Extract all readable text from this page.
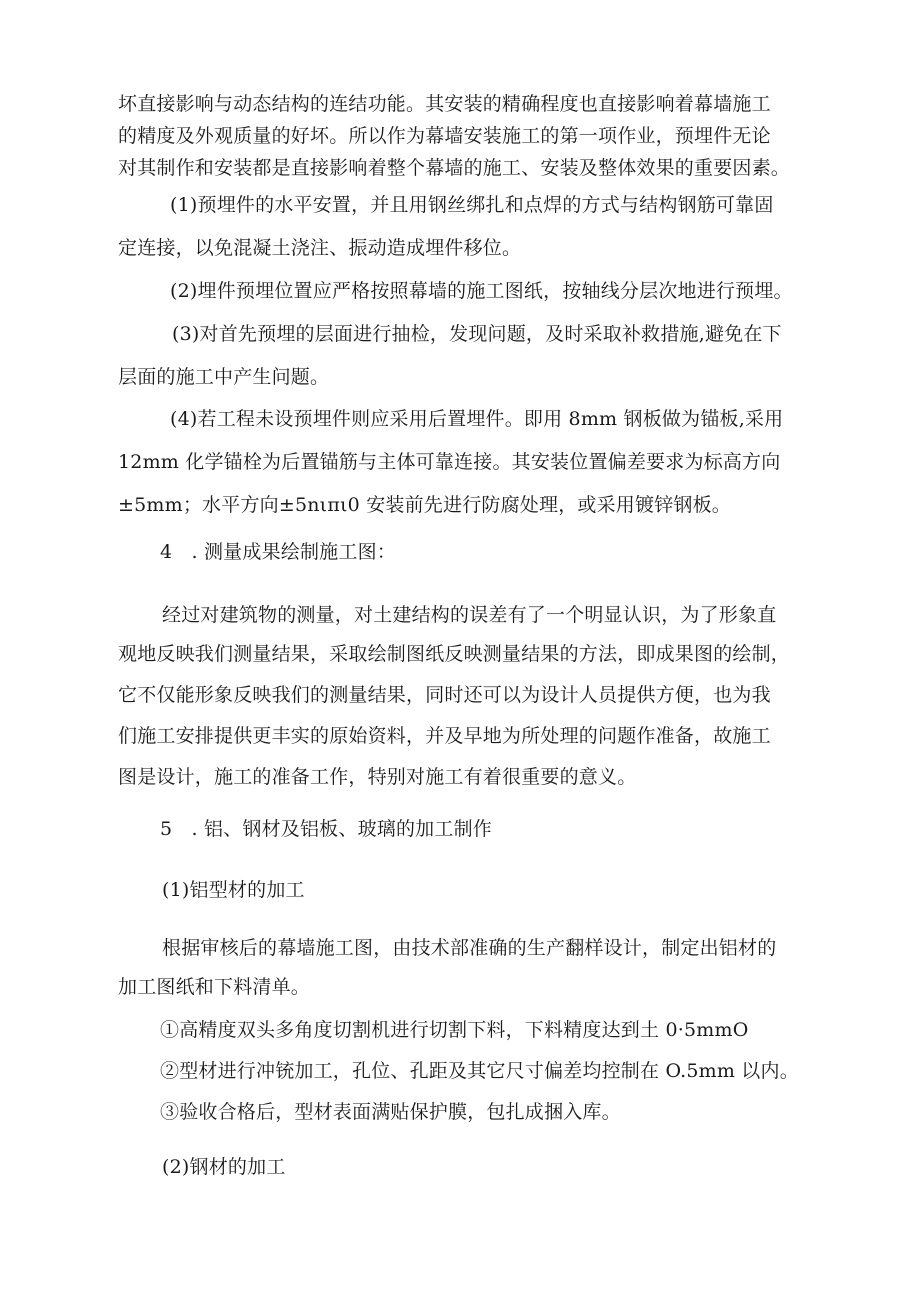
坏直接影响与动态结构的连结功能。其安装的精确程度也直接影响着幕墙施工
的精度及外观质量的好坏。所以作为幕墙安装施工的第一项作业，预埋件无论
对其制作和安装都是直接影响着整个幕墙的施工、安装及整体效果的重要因素。
(1)预埋件的水平安置，并且用钢丝绑扎和点焊的方式与结构钢筋可靠固
定连接，以免混凝土浇注、振动造成埋件移位。
(2)埋件预埋位置应严格按照幕墙的施工图纸，按轴线分层次地进行预埋。
(3)对首先预埋的层面进行抽检，发现问题，及时采取补救措施,避免在下
层面的施工中产生问题。
(4)若工程未设预埋件则应采用后置埋件。即用 8mm 钢板做为锚板,采用
12mm 化学锚栓为后置锚筋与主体可靠连接。其安装位置偏差要求为标高方向
±5mm；水平方向±5nιπι0 安装前先进行防腐处理，或采用镀锌钢板。
4　. 测量成果绘制施工图：
经过对建筑物的测量，对土建结构的误差有了一个明显认识，为了形象直
观地反映我们测量结果，采取绘制图纸反映测量结果的方法，即成果图的绘制，
它不仅能形象反映我们的测量结果，同时还可以为设计人员提供方便，也为我
们施工安排提供更丰实的原始资料，并及早地为所处理的问题作准备，故施工
图是设计，施工的准备工作，特别对施工有着很重要的意义。
5　. 铝、钢材及铝板、玻璃的加工制作
(1)铝型材的加工
根据审核后的幕墙施工图，由技术部准确的生产翻样设计，制定出铝材的
加工图纸和下料清单。
①高精度双头多角度切割机进行切割下料，下料精度达到土 0·5mmO
②型材进行冲铳加工，孔位、孔距及其它尺寸偏差均控制在 O.5mm 以内。
③验收合格后，型材表面满贴保护膜，包扎成捆入库。
(2)钢材的加工
